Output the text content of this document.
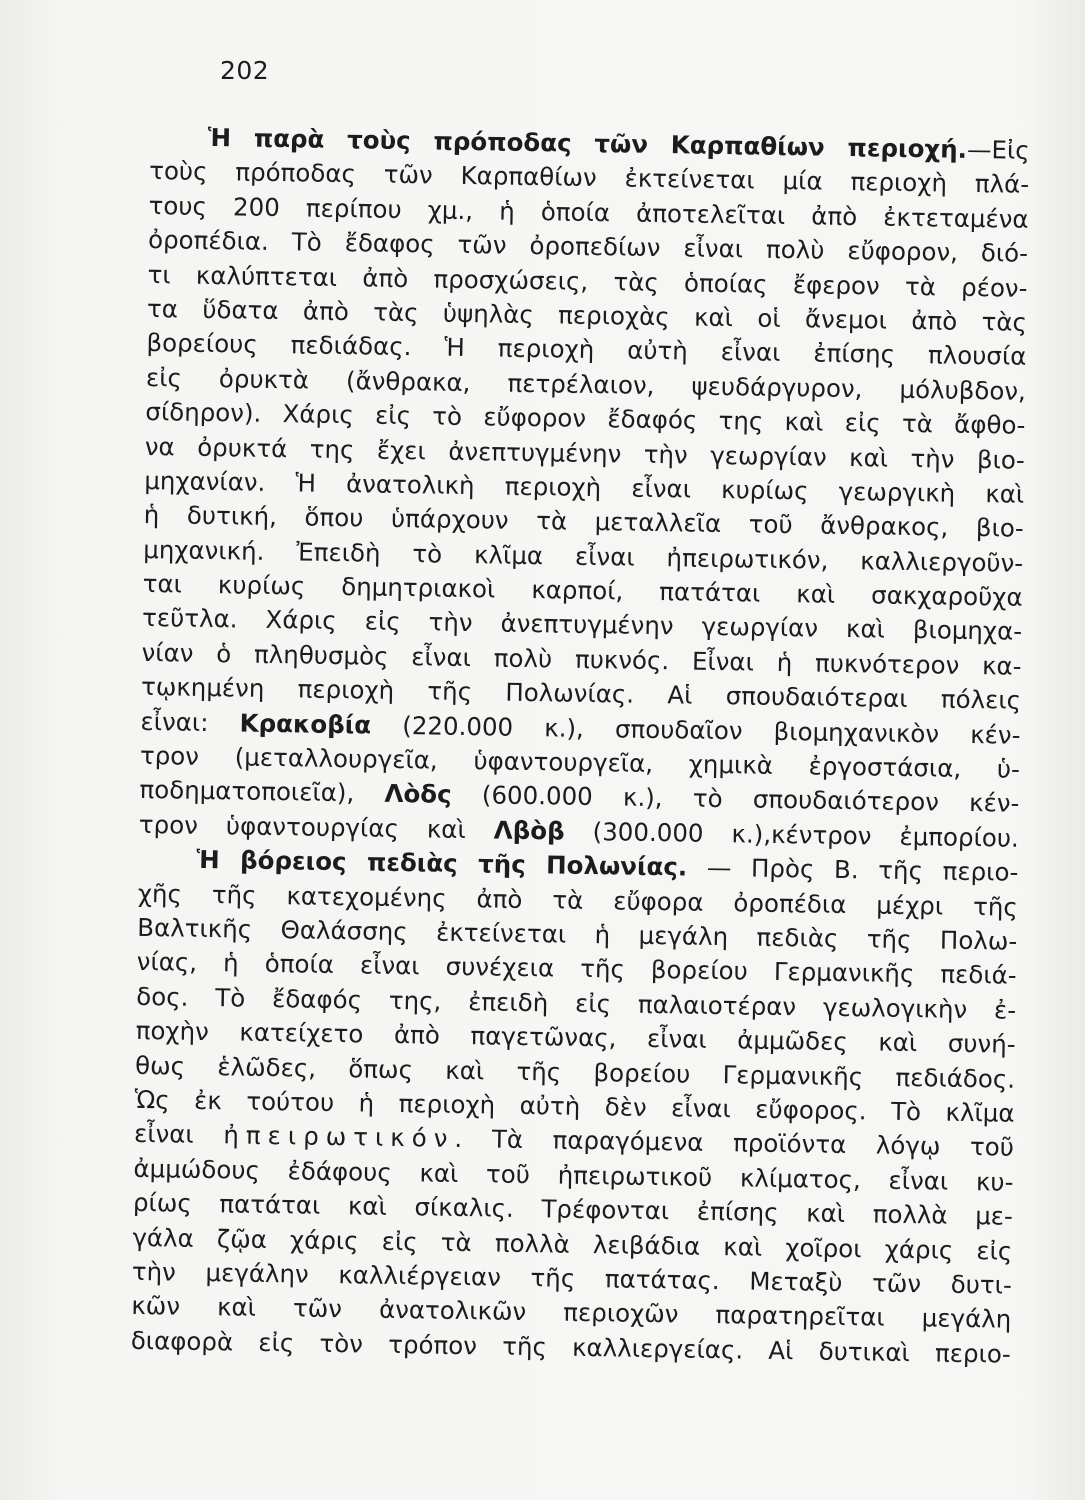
202
Ἡ παρὰ τοὺς πρόποδας τῶν Καρπαθίων περιοχή.—Εἰς
τοὺς πρόποδας τῶν Καρπαθίων ἐκτείνεται μία περιοχὴ πλά-
τους 200 περίπου χμ., ἡ ὁποία ἀποτελεῖται ἀπὸ ἐκτεταμένα
ὀροπέδια. Τὸ ἔδαφος τῶν ὀροπεδίων εἶναι πολὺ εὔφορον, διό-
τι καλύπτεται ἀπὸ προσχώσεις, τὰς ὁποίας ἔφερον τὰ ρέον-
τα ὕδατα ἀπὸ τὰς ὑψηλὰς περιοχὰς καὶ οἱ ἄνεμοι ἀπὸ τὰς
βορείους πεδιάδας. Ἡ περιοχὴ αὐτὴ εἶναι ἐπίσης πλουσία
εἰς ὀρυκτὰ (ἄνθρακα, πετρέλαιον, ψευδάργυρον, μόλυβδον,
σίδηρον). Χάρις εἰς τὸ εὔφορον ἔδαφός της καὶ εἰς τὰ ἄφθο-
να ὀρυκτά της ἔχει ἀνεπτυγμένην τὴν γεωργίαν καὶ τὴν βιο-
μηχανίαν. Ἡ ἀνατολικὴ περιοχὴ εἶναι κυρίως γεωργικὴ καὶ
ἡ δυτική, ὅπου ὑπάρχουν τὰ μεταλλεῖα τοῦ ἄνθρακος, βιο-
μηχανική. Ἐπειδὴ τὸ κλῖμα εἶναι ἠπειρωτικόν, καλλιεργοῦν-
ται κυρίως δημητριακοὶ καρποί, πατάται καὶ σακχαροῦχα
τεῦτλα. Χάρις εἰς τὴν ἀνεπτυγμένην γεωργίαν καὶ βιομηχα-
νίαν ὁ πληθυσμὸς εἶναι πολὺ πυκνός. Εἶναι ἡ πυκνότερον κα-
τῳκημένη περιοχὴ τῆς Πολωνίας. Αἱ σπουδαιότεραι πόλεις
εἶναι: Κρακοβία (220.000 κ.), σπουδαῖον βιομηχανικὸν κέν-
τρον (μεταλλουργεῖα, ὑφαντουργεῖα, χημικὰ ἐργοστάσια, ὑ-
ποδηματοποιεῖα), Λὸδς (600.000 κ.), τὸ σπουδαιότερον κέν-
τρον ὑφαντουργίας καὶ Λβὸβ (300.000 κ.),κέντρον ἐμπορίου.
Ἡ βόρειος πεδιὰς τῆς Πολωνίας. — Πρὸς Β. τῆς περιο-
χῆς τῆς κατεχομένης ἀπὸ τὰ εὔφορα ὀροπέδια μέχρι τῆς
Βαλτικῆς Θαλάσσης ἐκτείνεται ἡ μεγάλη πεδιὰς τῆς Πολω-
νίας, ἡ ὁποία εἶναι συνέχεια τῆς βορείου Γερμανικῆς πεδιά-
δος. Τὸ ἔδαφός της, ἐπειδὴ εἰς παλαιοτέραν γεωλογικὴν ἐ-
ποχὴν κατείχετο ἀπὸ παγετῶνας, εἶναι ἀμμῶδες καὶ συνή-
θως ἑλῶδες, ὅπως καὶ τῆς βορείου Γερμανικῆς πεδιάδος.
Ὡς ἐκ τούτου ἡ περιοχὴ αὐτὴ δὲν εἶναι εὔφορος. Τὸ κλῖμα
εἶναι ἠπειρωτικόν. Τὰ παραγόμενα προϊόντα λόγῳ τοῦ
ἀμμώδους ἐδάφους καὶ τοῦ ἠπειρωτικοῦ κλίματος, εἶναι κυ-
ρίως πατάται καὶ σίκαλις. Τρέφονται ἐπίσης καὶ πολλὰ με-
γάλα ζῷα χάρις εἰς τὰ πολλὰ λειβάδια καὶ χοῖροι χάρις εἰς
τὴν μεγάλην καλλιέργειαν τῆς πατάτας. Μεταξὺ τῶν δυτι-
κῶν καὶ τῶν ἀνατολικῶν περιοχῶν παρατηρεῖται μεγάλη
διαφορὰ εἰς τὸν τρόπον τῆς καλλιεργείας. Αἱ δυτικαὶ περιο-
